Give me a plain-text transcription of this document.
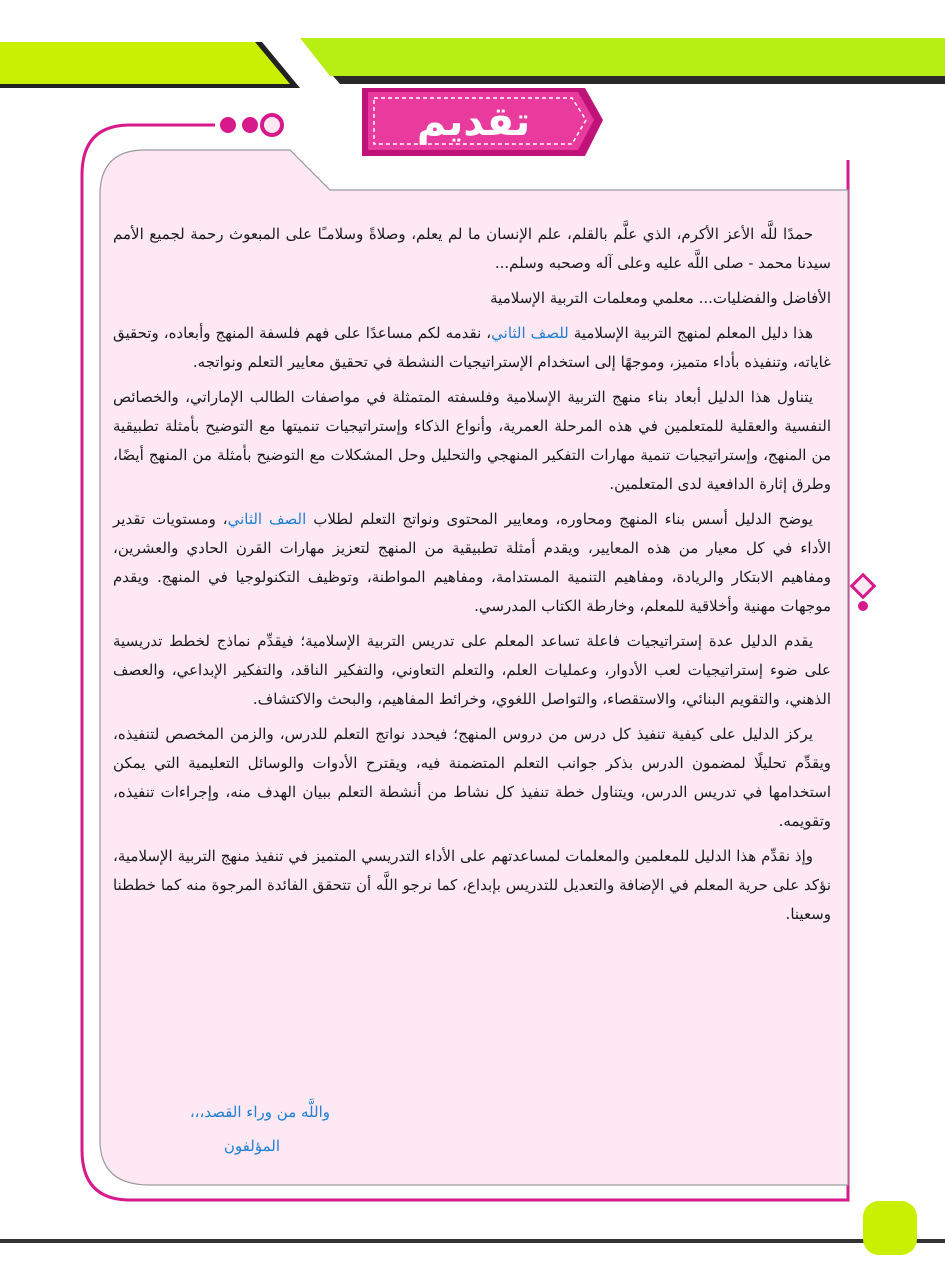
تقديم

حمدًا للَّه الأعز الأكرم، الذي علَّم بالقلم، علم الإنسان ما لم يعلم، وصلاةً وسلامـًا على المبعوث رحمة لجميع الأمم سيدنا محمد - صلى اللَّه عليه وعلى آله وصحبه وسلم...

الأفاضل والفضليات... معلمي ومعلمات التربية الإسلامية

هذا دليل المعلم لمنهج التربية الإسلامية للصف الثاني، نقدمه لكم مساعدًا على فهم فلسفة المنهج وأبعاده، وتحقيق غاياته، وتنفيذه بأداء متميز، وموجهًا إلى استخدام الإستراتيجيات النشطة في تحقيق معايير التعلم ونواتجه.

يتناول هذا الدليل أبعاد بناء منهج التربية الإسلامية وفلسفته المتمثلة في مواصفات الطالب الإماراتي، والخصائص النفسية والعقلية للمتعلمين في هذه المرحلة العمرية، وأنواع الذكاء وإستراتيجيات تنميتها مع التوضيح بأمثلة تطبيقية من المنهج، وإستراتيجيات تنمية مهارات التفكير المنهجي والتحليل وحل المشكلات مع التوضيح بأمثلة من المنهج أيضًا، وطرق إثارة الدافعية لدى المتعلمين.

يوضح الدليل أسس بناء المنهج ومحاوره، ومعايير المحتوى ونواتج التعلم لطلاب الصف الثاني، ومستويات تقدير الأداء في كل معيار من هذه المعايير، ويقدم أمثلة تطبيقية من المنهج لتعزيز مهارات القرن الحادي والعشرين، ومفاهيم الابتكار والريادة، ومفاهيم التنمية المستدامة، ومفاهيم المواطنة، وتوظيف التكنولوجيا في المنهج. ويقدم موجهات مهنية وأخلاقية للمعلم، وخارطة الكتاب المدرسي.

يقدم الدليل عدة إستراتيجيات فاعلة تساعد المعلم على تدريس التربية الإسلامية؛ فيقدِّم نماذج لخطط تدريسية على ضوء إستراتيجيات لعب الأدوار، وعمليات العلم، والتعلم التعاوني، والتفكير الناقد، والتفكير الإبداعي، والعصف الذهني، والتقويم البنائي، والاستقصاء، والتواصل اللغوي، وخرائط المفاهيم، والبحث والاكتشاف.

يركز الدليل على كيفية تنفيذ كل درس من دروس المنهج؛ فيحدد نواتج التعلم للدرس، والزمن المخصص لتنفيذه، ويقدِّم تحليلًا لمضمون الدرس بذكر جوانب التعلم المتضمنة فيه، ويقترح الأدوات والوسائل التعليمية التي يمكن استخدامها في تدريس الدرس، ويتناول خطة تنفيذ كل نشاط من أنشطة التعلم ببيان الهدف منه، وإجراءات تنفيذه، وتقويمه.

وإذ نقدِّم هذا الدليل للمعلمين والمعلمات لمساعدتهم على الأداء التدريسي المتميز في تنفيذ منهج التربية الإسلامية، نؤكد على حرية المعلم في الإضافة والتعديل للتدريس بإبداع، كما نرجو اللَّه أن تتحقق الفائدة المرجوة منه كما خططنا وسعينا.

واللَّه من وراء القصد،،،
المؤلفون
